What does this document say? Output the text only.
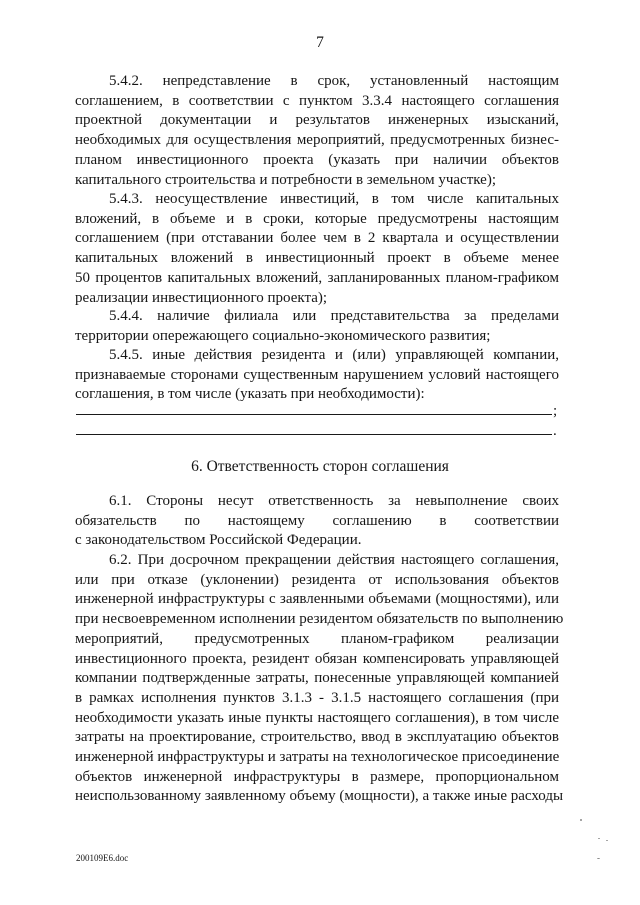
7
5.4.2. непредставление в срок, установленный настоящим
соглашением, в соответствии с пунктом 3.3.4 настоящего соглашения
проектной документации и результатов инженерных изысканий,
необходимых для осуществления мероприятий, предусмотренных бизнес-
планом инвестиционного проекта (указать при наличии объектов
капитального строительства и потребности в земельном участке);
5.4.3. неосуществление инвестиций, в том числе капитальных
вложений, в объеме и в сроки, которые предусмотрены настоящим
соглашением (при отставании более чем в 2 квартала и осуществлении
капитальных вложений в инвестиционный проект в объеме менее
50 процентов капитальных вложений, запланированных планом-графиком
реализации инвестиционного проекта);
5.4.4. наличие филиала или представительства за пределами
территории опережающего социально-экономического развития;
5.4.5. иные действия резидента и (или) управляющей компании,
признаваемые сторонами существенным нарушением условий настоящего
соглашения, в том числе (указать при необходимости):
;
.
6. Ответственность сторон соглашения
6.1. Стороны несут ответственность за невыполнение своих
обязательств по настоящему соглашению в соответствии
с законодательством Российской Федерации.
6.2. При досрочном прекращении действия настоящего соглашения,
или при отказе (уклонении) резидента от использования объектов
инженерной инфраструктуры с заявленными объемами (мощностями), или
при несвоевременном исполнении резидентом обязательств по выполнению
мероприятий, предусмотренных планом-графиком реализации
инвестиционного проекта, резидент обязан компенсировать управляющей
компании подтвержденные затраты, понесенные управляющей компанией
в рамках исполнения пунктов 3.1.3 - 3.1.5 настоящего соглашения (при
необходимости указать иные пункты настоящего соглашения), в том числе
затраты на проектирование, строительство, ввод в эксплуатацию объектов
инженерной инфраструктуры и затраты на технологическое присоединение
объектов инженерной инфраструктуры в размере, пропорциональном
неиспользованному заявленному объему (мощности), а также иные расходы
200109E6.doc
